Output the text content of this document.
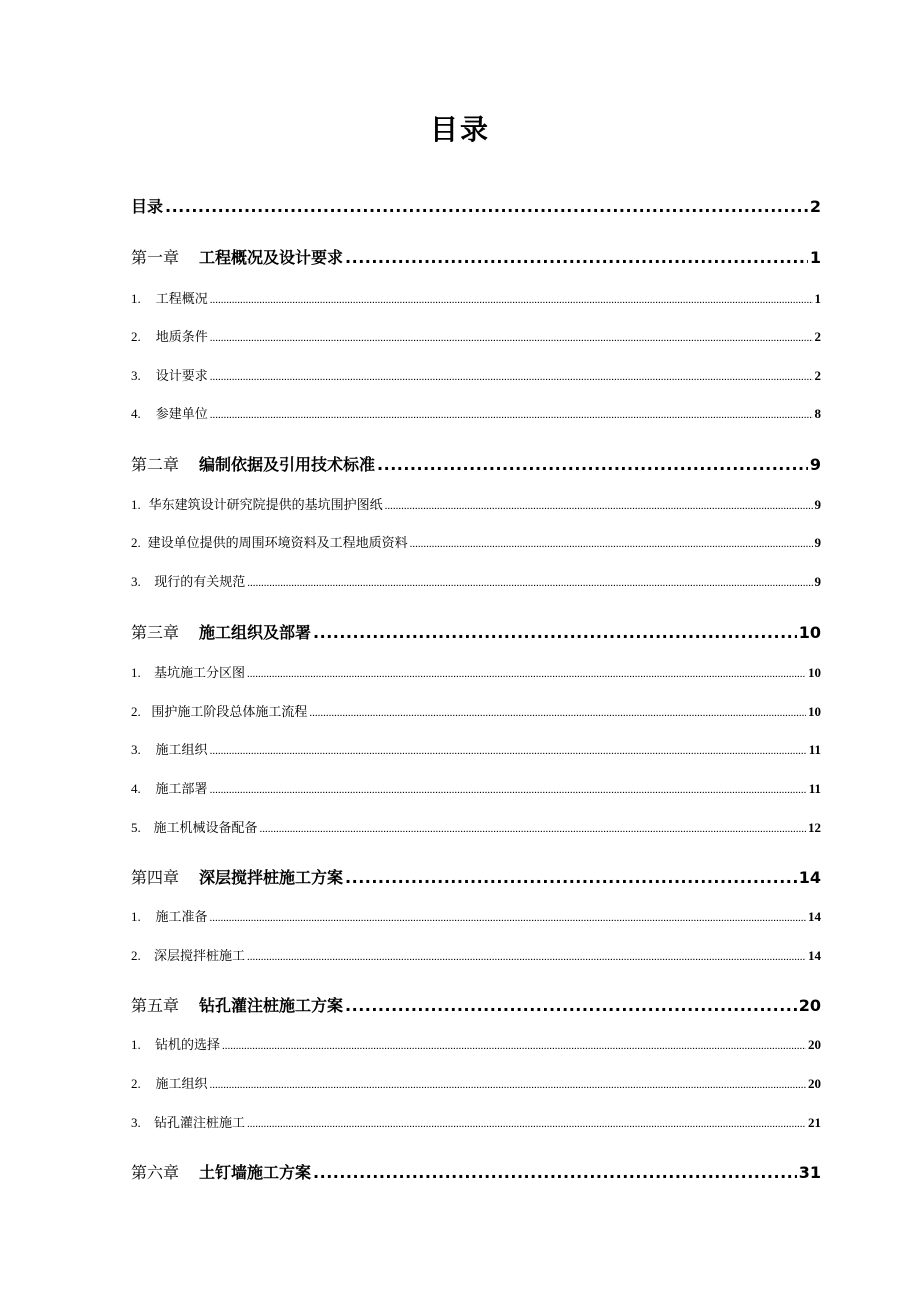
目录
目录 .....	2
第一章 工程概况及设计要求 .....	1
1.	工程概况 .....	1
2.	地质条件 .....	2
3.	设计要求 .....	2
4.	参建单位 .....	8
第二章 编制依据及引用技术标准 .....	9
1. 华东建筑设计研究院提供的基坑围护图纸 .....	9
2. 建设单位提供的周围环境资料及工程地质资料 .....	9
3.	现行的有关规范 .....	9
第三章 施工组织及部署 .....	10
1.	基坑施工分区图 .....	10
2. 围护施工阶段总体施工流程 .....	10
3.	施工组织 .....	11
4.	施工部署 .....	11
5. 施工机械设备配备 .....	12
第四章 深层搅拌桩施工方案 .....	14
1.	施工准备 .....	14
2.	深层搅拌桩施工 .....	14
第五章 钻孔灌注桩施工方案 .....	20
1.	钻机的选择 .....	20
2.	施工组织 .....	20
3.	钻孔灌注桩施工 .....	21
第六章 土钉墙施工方案 .....	31
